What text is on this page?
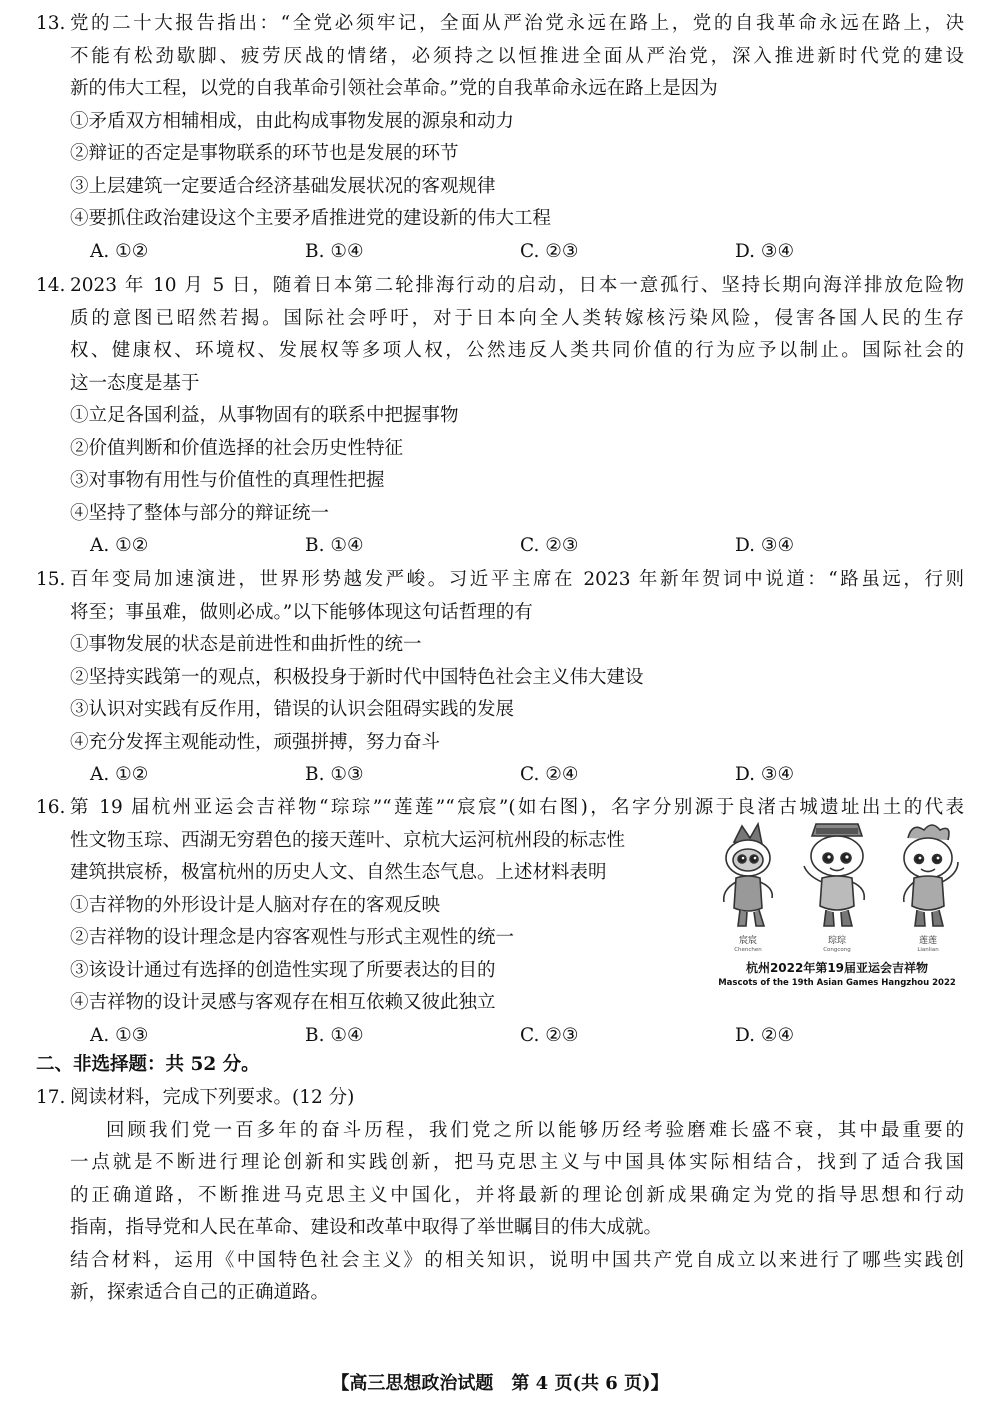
13. 党的二十大报告指出：“全党必须牢记，全面从严治党永远在路上，党的自我革命永远在路上，决
不能有松劲歇脚、疲劳厌战的情绪，必须持之以恒推进全面从严治党，深入推进新时代党的建设
新的伟大工程，以党的自我革命引领社会革命。”党的自我革命永远在路上是因为
①矛盾双方相辅相成，由此构成事物发展的源泉和动力
②辩证的否定是事物联系的环节也是发展的环节
③上层建筑一定要适合经济基础发展状况的客观规律
④要抓住政治建设这个主要矛盾推进党的建设新的伟大工程
A. ①②	B. ①④	C. ②③	D. ③④
14. 2023 年 10 月 5 日，随着日本第二轮排海行动的启动，日本一意孤行、坚持长期向海洋排放危险物
质的意图已昭然若揭。国际社会呼吁，对于日本向全人类转嫁核污染风险，侵害各国人民的生存
权、健康权、环境权、发展权等多项人权，公然违反人类共同价值的行为应予以制止。国际社会的
这一态度是基于
①立足各国利益，从事物固有的联系中把握事物
②价值判断和价值选择的社会历史性特征
③对事物有用性与价值性的真理性把握
④坚持了整体与部分的辩证统一
A. ①②	B. ①④	C. ②③	D. ③④
15. 百年变局加速演进，世界形势越发严峻。习近平主席在 2023 年新年贺词中说道：“路虽远，行则
将至；事虽难，做则必成。”以下能够体现这句话哲理的有
①事物发展的状态是前进性和曲折性的统一
②坚持实践第一的观点，积极投身于新时代中国特色社会主义伟大建设
③认识对实践有反作用，错误的认识会阻碍实践的发展
④充分发挥主观能动性，顽强拼搏，努力奋斗
A. ①②	B. ①③	C. ②④	D. ③④
16. 第 19 届杭州亚运会吉祥物“琮琮”“莲莲”“宸宸”(如右图)，名字分别源于良渚古城遗址出土的代表
性文物玉琮、西湖无穷碧色的接天莲叶、京杭大运河杭州段的标志性
建筑拱宸桥，极富杭州的历史人文、自然生态气息。上述材料表明
①吉祥物的外形设计是人脑对存在的客观反映
②吉祥物的设计理念是内容客观性与形式主观性的统一
③该设计通过有选择的创造性实现了所要表达的目的
④吉祥物的设计灵感与客观存在相互依赖又彼此独立
A. ①③	B. ①④	C. ②③	D. ②④
宸宸
Chenchen
琮琮
Congcong
莲莲
Lianlian
杭州2022年第19届亚运会吉祥物
Mascots of the 19th Asian Games Hangzhou 2022
二、非选择题：共 52 分。
17. 阅读材料，完成下列要求。(12 分)
回顾我们党一百多年的奋斗历程，我们党之所以能够历经考验磨难长盛不衰，其中最重要的
一点就是不断进行理论创新和实践创新，把马克思主义与中国具体实际相结合，找到了适合我国
的正确道路，不断推进马克思主义中国化，并将最新的理论创新成果确定为党的指导思想和行动
指南，指导党和人民在革命、建设和改革中取得了举世瞩目的伟大成就。
结合材料，运用《中国特色社会主义》的相关知识，说明中国共产党自成立以来进行了哪些实践创
新，探索适合自己的正确道路。
【高三思想政治试题　第 4 页(共 6 页)】
